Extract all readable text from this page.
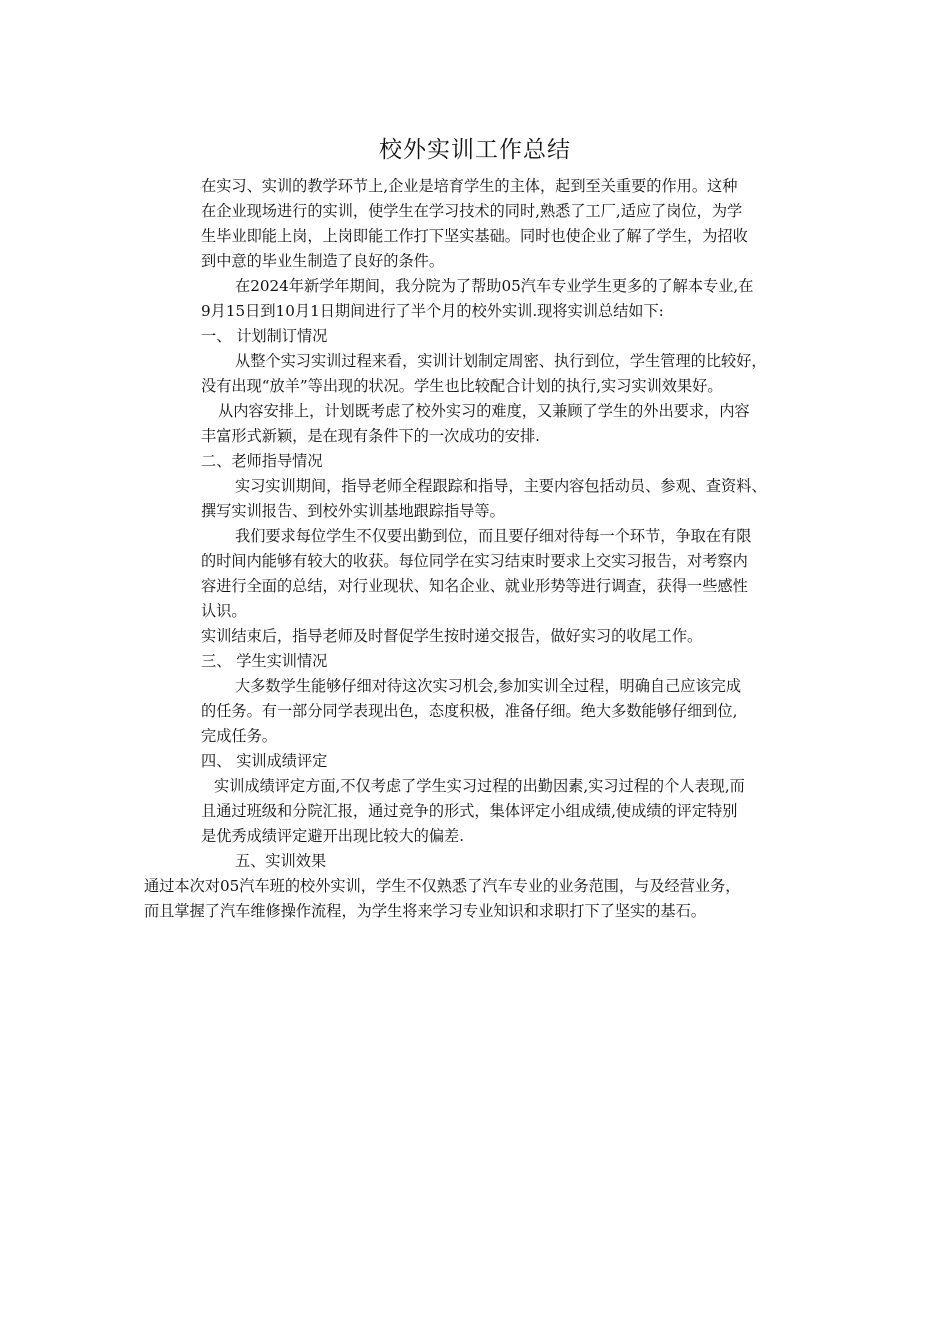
校外实训工作总结
在实习、实训的教学环节上,企业是培育学生的主体，起到至关重要的作用。这种
在企业现场进行的实训，使学生在学习技术的同时,熟悉了工厂,适应了岗位，为学
生毕业即能上岗，上岗即能工作打下坚实基础。同时也使企业了解了学生，为招收
到中意的毕业生制造了良好的条件。
在2024年新学年期间，我分院为了帮助05汽车专业学生更多的了解本专业,在
9月15日到10月1日期间进行了半个月的校外实训.现将实训总结如下:
一、 计划制订情况
从整个实习实训过程来看，实训计划制定周密、执行到位，学生管理的比较好，
没有出现“放羊”等出现的状况。学生也比较配合计划的执行,实习实训效果好。
从内容安排上，计划既考虑了校外实习的难度，又兼顾了学生的外出要求，内容
丰富形式新颖，是在现有条件下的一次成功的安排.
二、老师指导情况
实习实训期间，指导老师全程跟踪和指导，主要内容包括动员、参观、查资料、
撰写实训报告、到校外实训基地跟踪指导等。
我们要求每位学生不仅要出勤到位，而且要仔细对待每一个环节，争取在有限
的时间内能够有较大的收获。每位同学在实习结束时要求上交实习报告，对考察内
容进行全面的总结，对行业现状、知名企业、就业形势等进行调查，获得一些感性
认识。
实训结束后，指导老师及时督促学生按时递交报告，做好实习的收尾工作。
三、 学生实训情况
大多数学生能够仔细对待这次实习机会,参加实训全过程，明确自己应该完成
的任务。有一部分同学表现出色，态度积极，准备仔细。绝大多数能够仔细到位,
完成任务。
四、 实训成绩评定
实训成绩评定方面,不仅考虑了学生实习过程的出勤因素,实习过程的个人表现,而
且通过班级和分院汇报，通过竞争的形式，集体评定小组成绩,使成绩的评定特别
是优秀成绩评定避开出现比较大的偏差.
五、实训效果
通过本次对05汽车班的校外实训，学生不仅熟悉了汽车专业的业务范围，与及经营业务，
而且掌握了汽车维修操作流程，为学生将来学习专业知识和求职打下了坚实的基石。
